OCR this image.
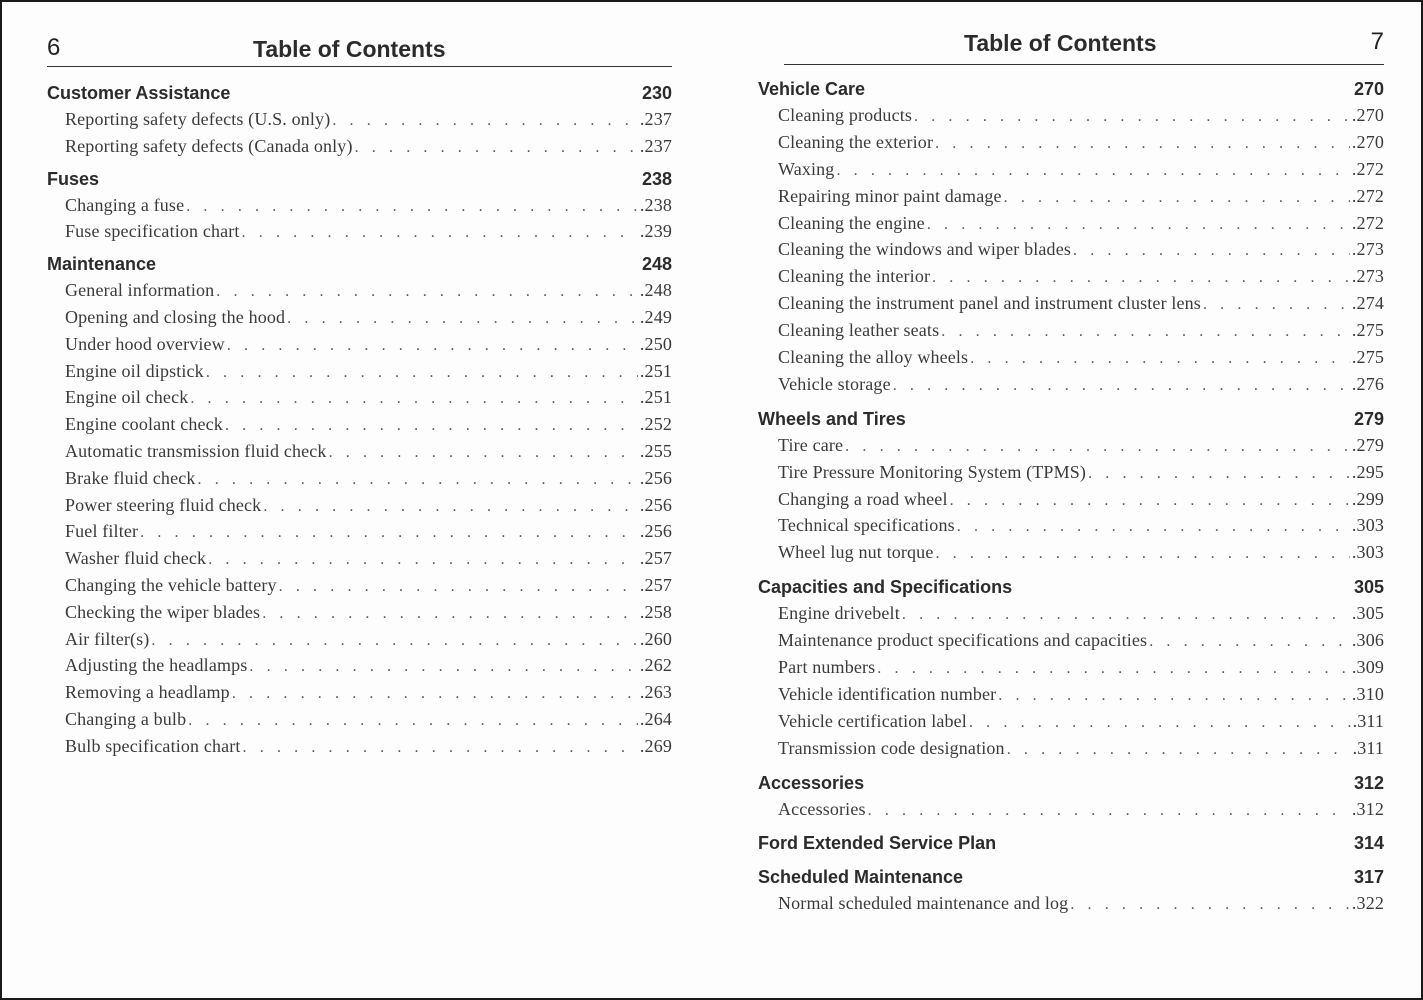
6	Table of Contents
Customer Assistance	230
Reporting safety defects (U.S. only) . . .	.237
Reporting safety defects (Canada only) . . .	.237
Fuses	238
Changing a fuse . . .	.238
Fuse specification chart . . .	.239
Maintenance	248
General information . . .	.248
Opening and closing the hood . . .	.249
Under hood overview . . .	.250
Engine oil dipstick . . .	.251
Engine oil check . . .	.251
Engine coolant check . . .	.252
Automatic transmission fluid check . . .	.255
Brake fluid check . . .	.256
Power steering fluid check . . .	.256
Fuel filter . . .	.256
Washer fluid check . . .	.257
Changing the vehicle battery . . .	.257
Checking the wiper blades . . .	.258
Air filter(s) . . .	.260
Adjusting the headlamps . . .	.262
Removing a headlamp . . .	.263
Changing a bulb . . .	.264
Bulb specification chart . . .	.269
Table of Contents	7
Vehicle Care	270
Cleaning products . . .	.270
Cleaning the exterior . . .	.270
Waxing . . .	.272
Repairing minor paint damage . . .	.272
Cleaning the engine . . .	.272
Cleaning the windows and wiper blades . . .	.273
Cleaning the interior . . .	.273
Cleaning the instrument panel and instrument cluster lens . . .	.274
Cleaning leather seats . . .	.275
Cleaning the alloy wheels . . .	.275
Vehicle storage . . .	.276
Wheels and Tires	279
Tire care . . .	.279
Tire Pressure Monitoring System (TPMS) . . .	.295
Changing a road wheel . . .	.299
Technical specifications . . .	.303
Wheel lug nut torque . . .	.303
Capacities and Specifications	305
Engine drivebelt . . .	.305
Maintenance product specifications and capacities . . .	.306
Part numbers . . .	.309
Vehicle identification number . . .	.310
Vehicle certification label . . .	.311
Transmission code designation . . .	.311
Accessories	312
Accessories . . .	.312
Ford Extended Service Plan	314
Scheduled Maintenance	317
Normal scheduled maintenance and log . . .	.322
